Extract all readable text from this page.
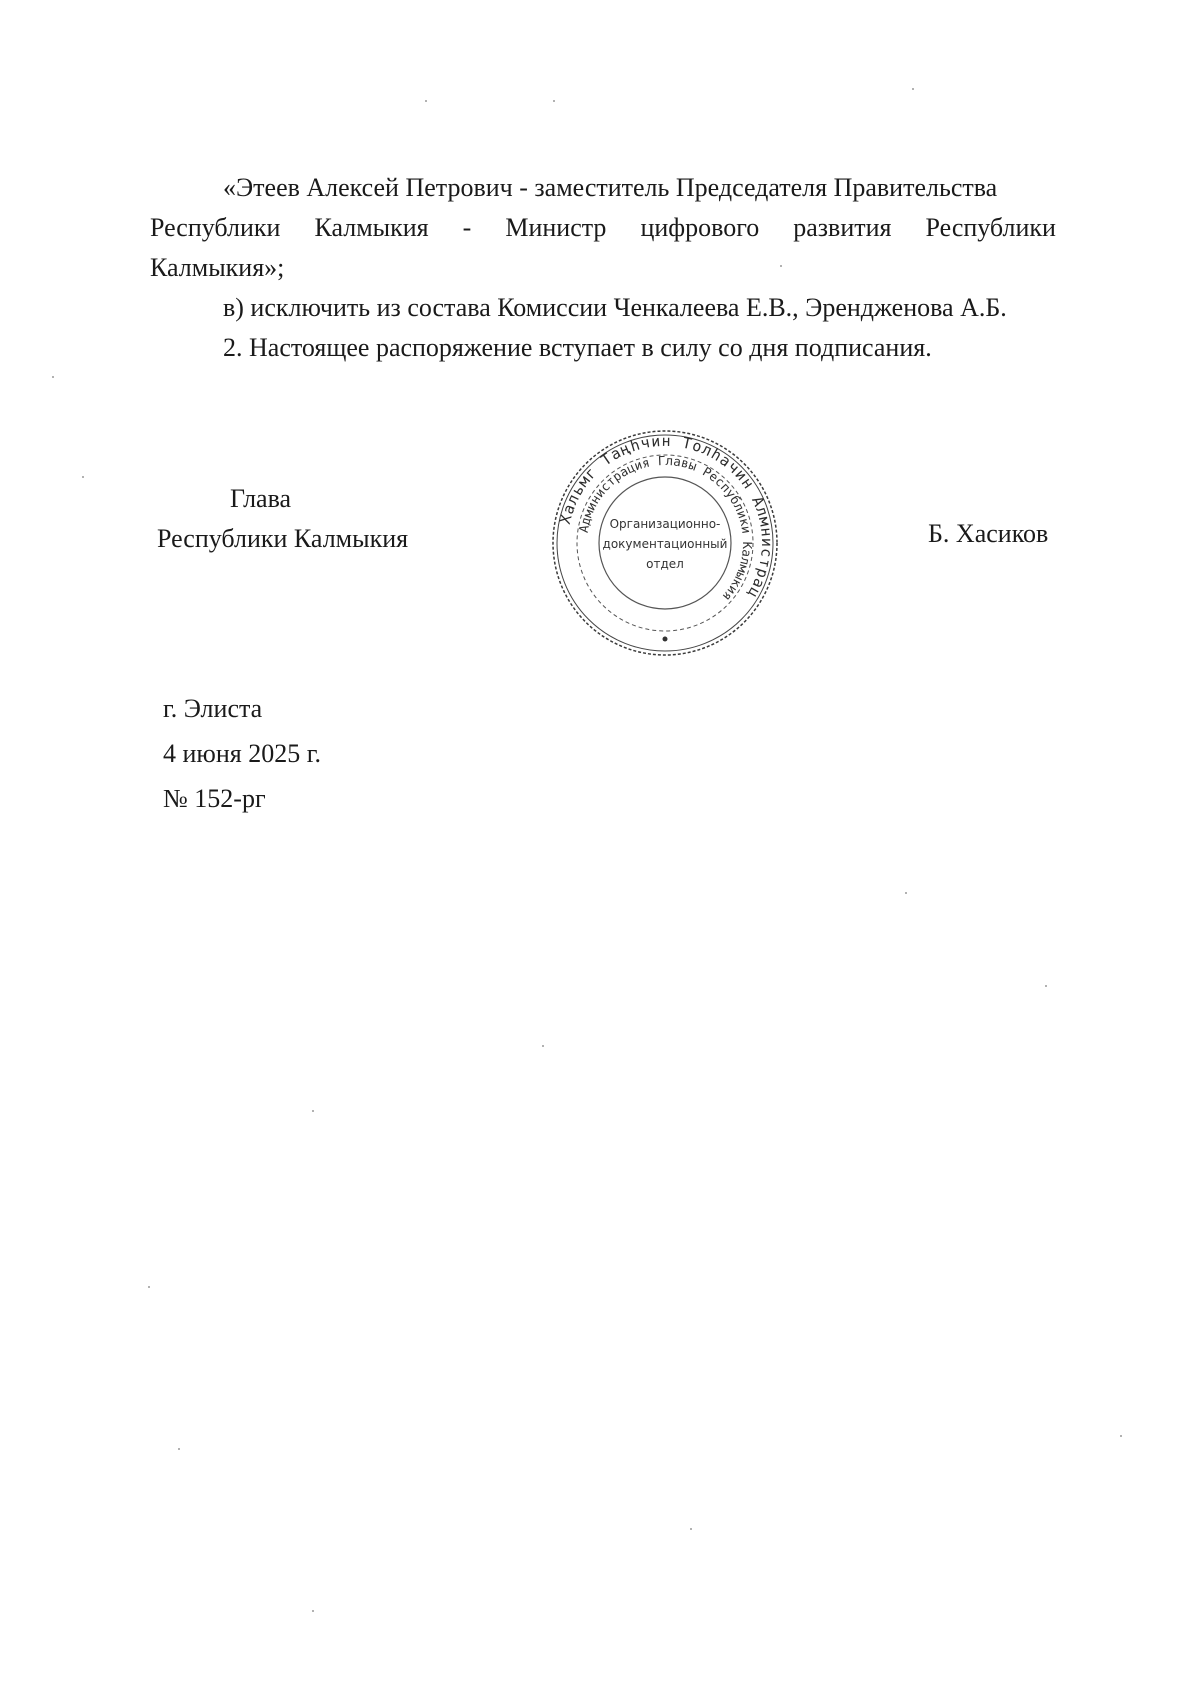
«Этеев Алексей Петрович - заместитель Председателя Правительства
Республики Калмыкия - Министр цифрового развития Республики
Калмыкия»;
в) исключить из состава Комиссии Ченкалеева Е.В., Эрендженова А.Б.
2. Настоящее распоряжение вступает в силу со дня подписания.
Глава
Республики Калмыкия	Б. Хасиков
Хальмг Таңhчин Толhачин Алмнистрац
Администрация Главы Республики Калмыкия
Организационно-
документационный
отдел
г. Элиста
4 июня 2025 г.
№ 152-рг
